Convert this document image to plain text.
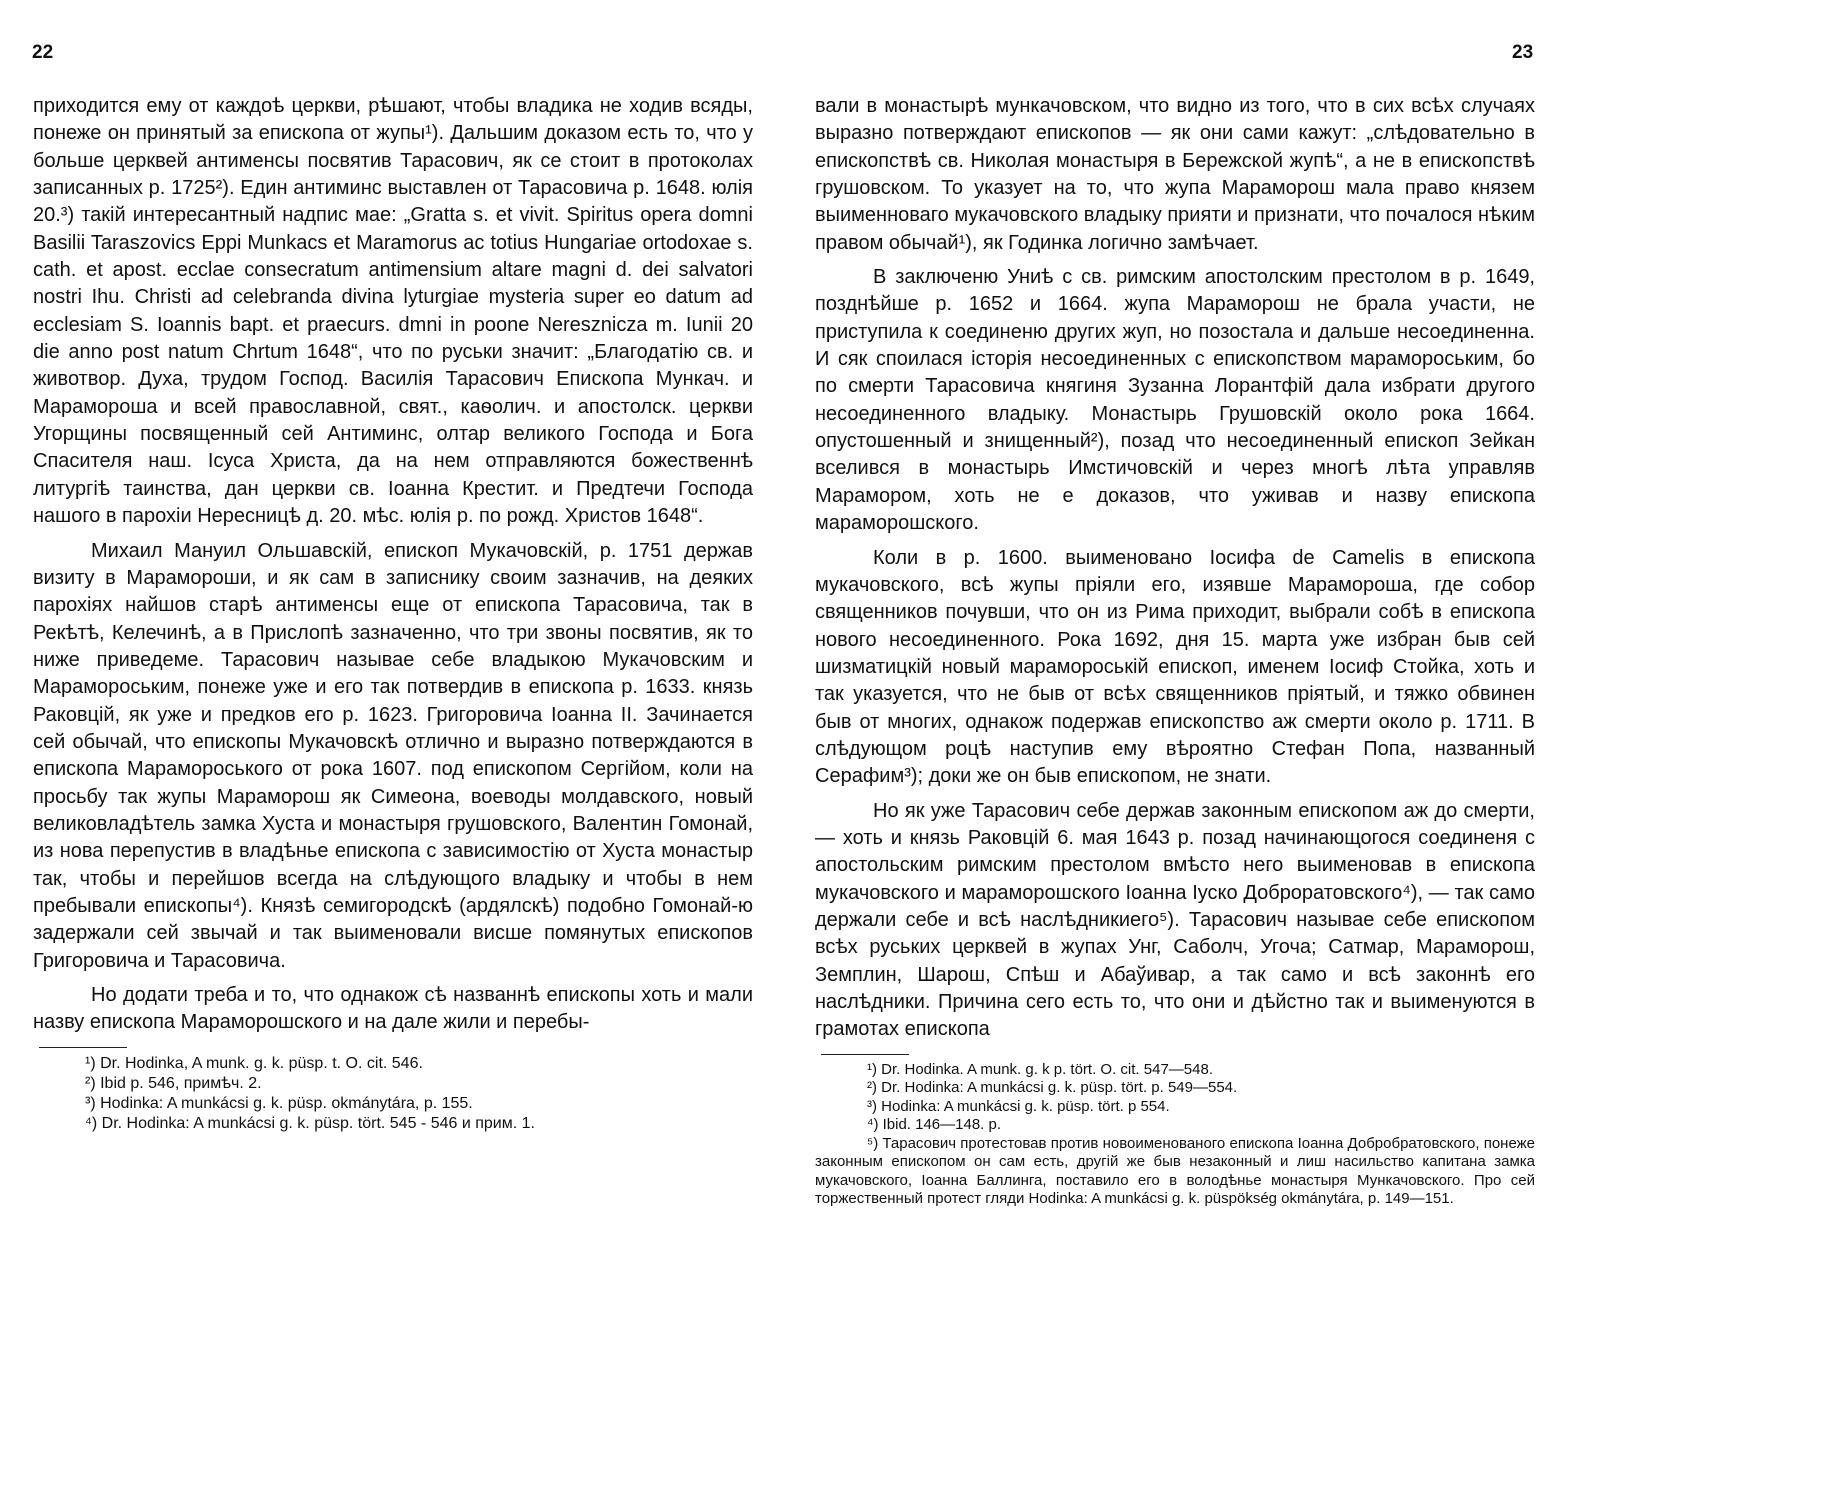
22	23

приходится ему от каждоѣ церкви, рѣшают, чтобы владика не ходив всяды, понеже он принятый за епископа от жупы¹). Дальшим доказом есть то, что у больше церквей антименсы посвятив Тарасович, як се стоит в протоколах записанных р. 1725²). Един антиминс выставлен от Тарасовича р. 1648. юлія 20.³) такій интересантный надпис мае: „Gratta s. et vivit. Spiritus opera domni Basilii Taraszovics Eppi Munkacs et Maramorus ac totius Hungariae ortodoxae s. cath. et apost. ecclae consecratum antimensium altare magni d. dei salvatori nostri Ihu. Christi ad celebranda divina lyturgiae mysteria super eo datum ad ecclesiam S. Ioannis bapt. et praecurs. dmni in poone Neresznicza m. Iunii 20 die anno post natum Chrtum 1648“, что по руськи значит: „Благодатію св. и животвор. Духа, трудом Господ. Василія Тарасович Епископа Мункач. и Марамороша и всей православной, свят., каѳолич. и апостолск. церкви Угорщины посвященный сей Антиминс, олтар великого Господа и Бога Спасителя наш. Ісуса Христа, да на нем отправляются божественнѣ литургіѣ таинства, дан церкви св. Іоанна Крестит. и Предтечи Господа нашого в парохіи Нересницѣ д. 20. мѣс. юлія р. по рожд. Христов 1648“.

Михаил Мануил Ольшавскій, епископ Мукачовскій, р. 1751 держав визиту в Марамороши, и як сам в записнику своим зазначив, на деяких парохіях найшов старѣ антименсы еще от епископа Тарасовича, так в Рекѣтѣ, Келечинѣ, а в Прислопѣ зазначенно, что три звоны посвятив, як то ниже приведеме. Тарасович называе себе владыкою Мукачовским и Марамороським, понеже уже и его так потвердив в епископа р. 1633. князь Раковцій, як уже и предков его р. 1623. Григоровича Іоанна II. Зачинается сей обычай, что епископы Мукачовскѣ отлично и выразно потверждаются в епископа Марамороського от рока 1607. под епископом Сергійом, коли на просьбу так жупы Мараморош як Симеона, воеводы молдавского, новый великовладѣтель замка Хуста и монастыря грушовского, Валентин Гомонай, из нова перепустив в владѣнье епископа с зависимостію от Хуста монастыр так, чтобы и перейшов всегда на слѣдующого владыку и чтобы в нем пребывали епископы⁴). Князѣ семигородскѣ (ардялскѣ) подобно Гомонай-ю задержали сей звычай и так выименовали висше помянутых епископов Григоровича и Тарасовича.

Но додати треба и то, что однакож сѣ названнѣ епископы хоть и мали назву епископа Мараморошского и на дале жили и перебы-

¹) Dr. Hodinka, A munk. g. k. püsp. t. O. cit. 546.
²) Ibid p. 546, примѣч. 2.
³) Hodinka: A munkácsi g. k. püsp. okmánytára, p. 155.
⁴) Dr. Hodinka: A munkácsi g. k. püsp. tört. 545 - 546 и прим. 1.

вали в монастырѣ мункачовском, что видно из того, что в сих всѣх случаях выразно потверждают епископов — як они сами кажут: „слѣдовательно в епископствѣ св. Николая монастыря в Бережской жупѣ“, а не в епископствѣ грушовском. То указует на то, что жупа Мараморош мала право князем выименноваго мукачовского владыку прияти и признати, что почалося нѣким правом обычай¹), як Годинка логично замѣчает.

В заключеню Униѣ с св. римским апостолским престолом в р. 1649, позднѣйше р. 1652 и 1664. жупа Мараморош не брала участи, не приступила к соединеню других жуп, но позостала и дальше несоединенна. И сяк споилася історія несоединенных с епископством марамороським, бо по смерти Тарасовича княгиня Зузанна Лорантфій дала избрати другого несоединенного владыку. Монастырь Грушовскій около рока 1664. опустошенный и знищенный²), позад что несоединенный епископ Зейкан вселився в монастырь Имстичовскій и через многѣ лѣта управляв Марамором, хоть не е доказов, что уживав и назву епископа мараморошского.

Коли в р. 1600. выименовано Іосифа de Camelis в епископа мукачовского, всѣ жупы пріяли его, изявше Марамороша, где собор священников почувши, что он из Рима приходит, выбрали собѣ в епископа нового несоединенного. Рока 1692, дня 15. марта уже избран быв сей шизматицкій новый марамороській епископ, именем Іосиф Стойка, хоть и так указуется, что не быв от всѣх священников пріятый, и тяжко обвинен быв от многих, однакож подержав епископство аж смерти около р. 1711. В слѣдующом роцѣ наступив ему вѣроятно Стефан Попа, названный Серафим³); доки же он быв епископом, не знати.

Но як уже Тарасович себе держав законным епископом аж до смерти, — хоть и князь Раковцій 6. мая 1643 р. позад начинающогося соединеня с апостольским римским престолом вмѣсто него выименовав в епископа мукачовского и мараморошского Іоанна Іуско Доброратовского⁴), — так само держали себе и всѣ наслѣдникиего⁵). Тарасович называе себе епископом всѣх руських церквей в жупах Унг, Саболч, Угоча; Сатмар, Мараморош, Земплин, Шарош, Спѣш и Абаўивар, а так само и всѣ законнѣ его наслѣдники. Причина сего есть то, что они и дѣйстно так и выименуются в грамотах епископа

¹) Dr. Hodinka. A munk. g. k p. tört. O. cit. 547—548.
²) Dr. Hodinka: A munkácsi g. k. püsp. tört. p. 549—554.
³) Hodinka: A munkácsi g. k. püsp. tört. p 554.
⁴) Ibid. 146—148. p.
⁵) Тарасович протестовав против новоименованого епископа Іоанна Добробратовского, понеже законным епископом он сам есть, другій же быв незаконный и лиш насильство капитана замка мукачовского, Іоанна Баллинга, поставило его в володѣнье монастыря Мункачовского. Про сей торжественный протест гляди Hodinka: A munkácsi g. k. püspökség okmánytára, p. 149—151.
